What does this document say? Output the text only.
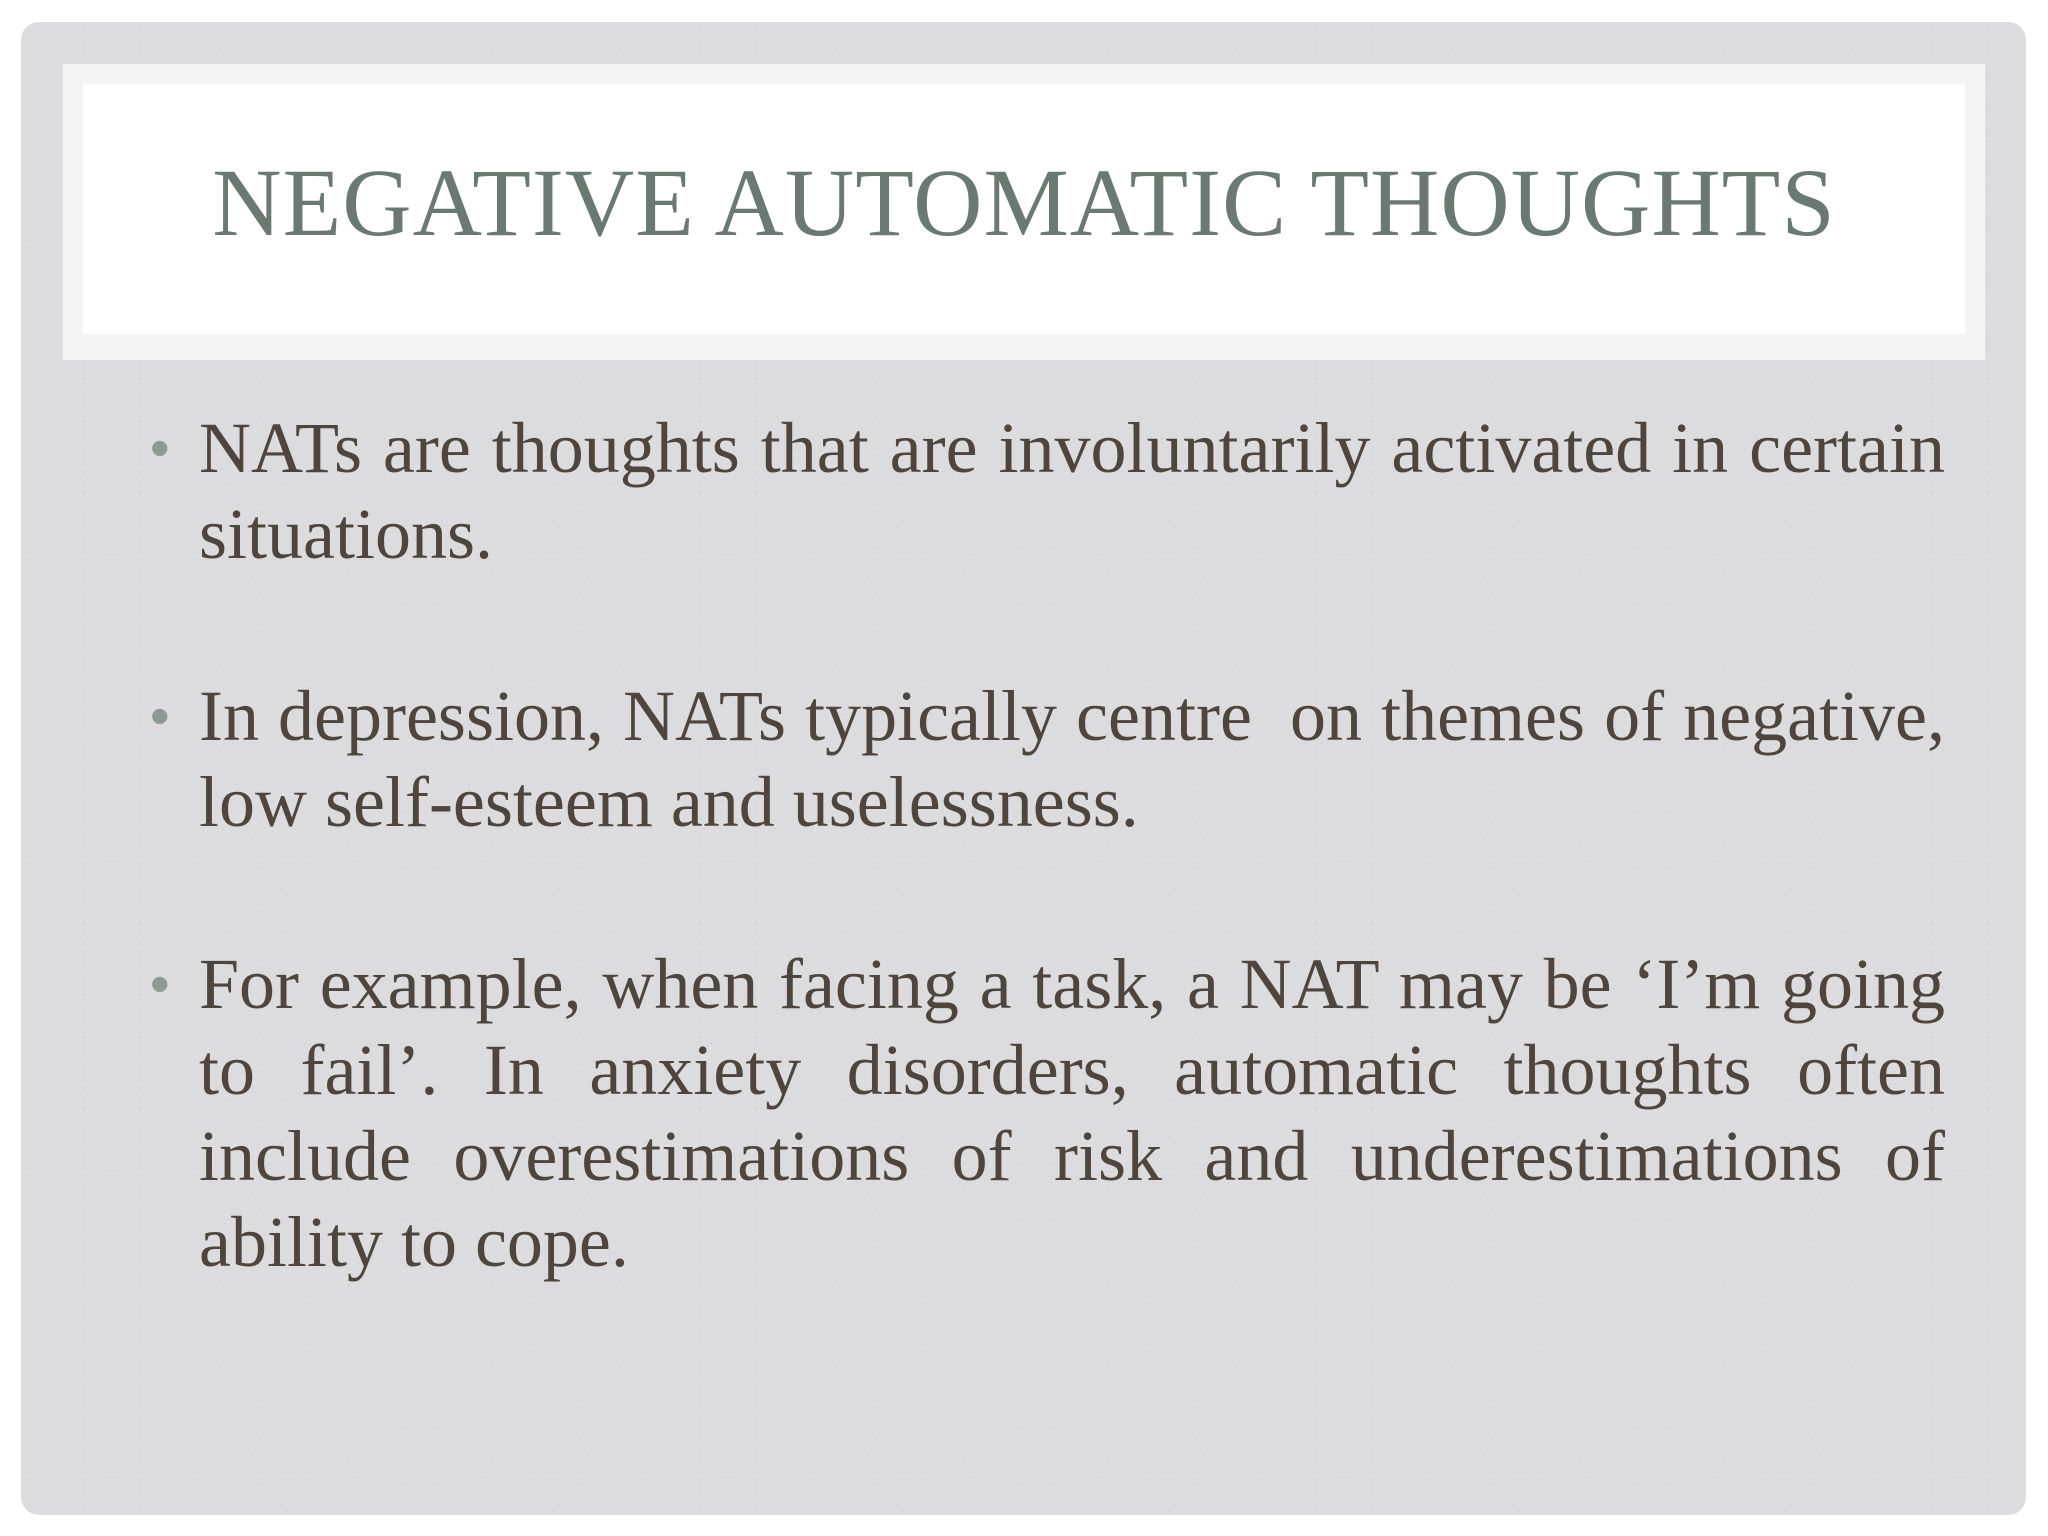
NEGATIVE AUTOMATIC THOUGHTS
• NATs are thoughts that are involuntarily activated in certain situations.
• In depression, NATs typically centre  on themes of negative, low self-esteem and uselessness.
• For example, when facing a task, a NAT may be ‘I’m going to fail’. In anxiety disorders, automatic thoughts often include overestimations of risk and underestimations of ability to cope.
